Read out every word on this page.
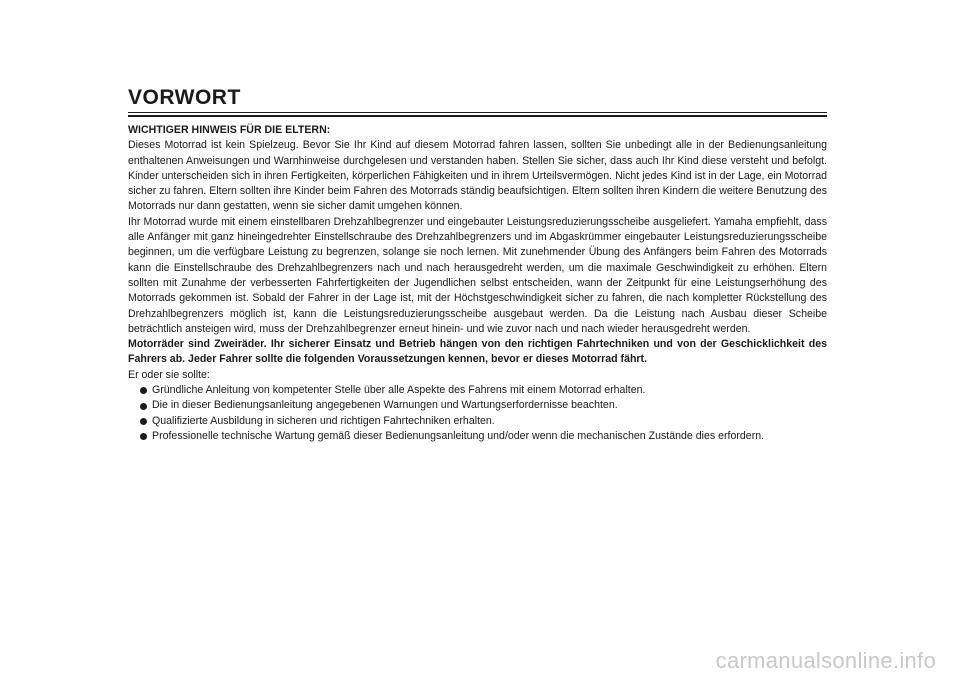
VORWORT

WICHTIGER HINWEIS FÜR DIE ELTERN:

Dieses Motorrad ist kein Spielzeug. Bevor Sie Ihr Kind auf diesem Motorrad fahren lassen, sollten Sie unbedingt alle in der Bedienungsanleitung enthaltenen Anweisungen und Warnhinweise durchgelesen und verstanden haben. Stellen Sie sicher, dass auch Ihr Kind diese versteht und befolgt. Kinder unterscheiden sich in ihren Fertigkeiten, körperlichen Fähigkeiten und in ihrem Urteilsvermögen. Nicht jedes Kind ist in der Lage, ein Motorrad sicher zu fahren. Eltern sollten ihre Kinder beim Fahren des Motorrads ständig beaufsichtigen. Eltern sollten ihren Kindern die weitere Benutzung des Motorrads nur dann gestatten, wenn sie sicher damit umgehen können.

Ihr Motorrad wurde mit einem einstellbaren Drehzahlbegrenzer und eingebauter Leistungsreduzierungsscheibe ausgeliefert. Yamaha empfiehlt, dass alle Anfänger mit ganz hineingedrehter Einstellschraube des Drehzahlbegrenzers und im Abgaskrümmer eingebauter Leistungsreduzierungsscheibe beginnen, um die verfügbare Leistung zu begrenzen, solange sie noch lernen. Mit zunehmender Übung des Anfängers beim Fahren des Motorrads kann die Einstellschraube des Drehzahlbegrenzers nach und nach herausgedreht werden, um die maximale Geschwindigkeit zu erhöhen. Eltern sollten mit Zunahme der verbesserten Fahrfertigkeiten der Jugendlichen selbst entscheiden, wann der Zeitpunkt für eine Leistungserhöhung des Motorrads gekommen ist. Sobald der Fahrer in der Lage ist, mit der Höchstgeschwindigkeit sicher zu fahren, die nach kompletter Rückstellung des Drehzahlbegrenzers möglich ist, kann die Leistungsreduzierungsscheibe ausgebaut werden. Da die Leistung nach Ausbau dieser Scheibe beträchtlich ansteigen wird, muss der Drehzahlbegrenzer erneut hinein- und wie zuvor nach und nach wieder herausgedreht werden.

Motorräder sind Zweiräder. Ihr sicherer Einsatz und Betrieb hängen von den richtigen Fahrtechniken und von der Geschicklichkeit des Fahrers ab. Jeder Fahrer sollte die folgenden Voraussetzungen kennen, bevor er dieses Motorrad fährt.

Er oder sie sollte:

Gründliche Anleitung von kompetenter Stelle über alle Aspekte des Fahrens mit einem Motorrad erhalten.
Die in dieser Bedienungsanleitung angegebenen Warnungen und Wartungserfordernisse beachten.
Qualifizierte Ausbildung in sicheren und richtigen Fahrtechniken erhalten.
Professionelle technische Wartung gemäß dieser Bedienungsanleitung und/oder wenn die mechanischen Zustände dies erfordern.
carmanualsonline.info
